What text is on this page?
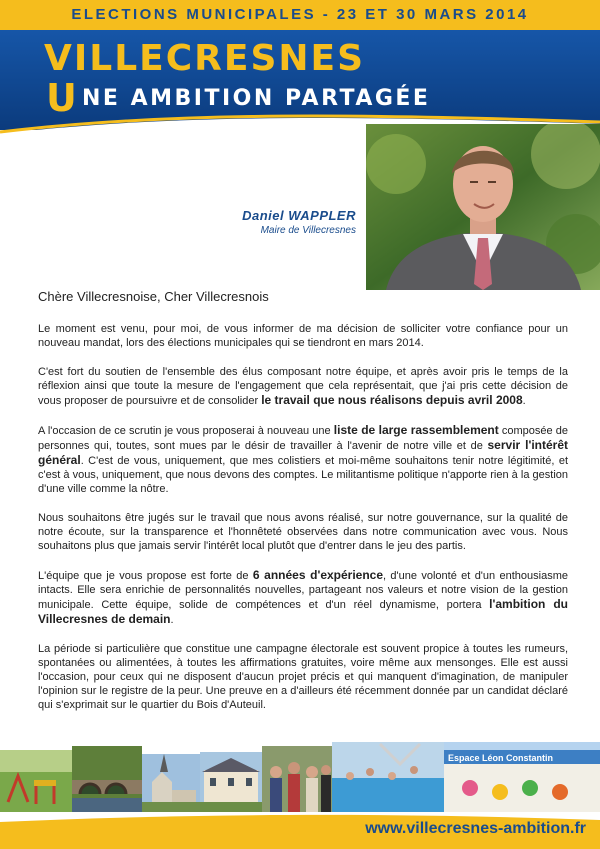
ELECTIONS MUNICIPALES - 23 ET 30 MARS 2014
VILLECRESNES
U NE AMBITION PARTAGÉE
Daniel WAPPLER
Maire de Villecresnes

Chère Villecresnoise, Cher Villecresnois

Le moment est venu, pour moi, de vous informer de ma décision de solliciter votre confiance pour un nouveau mandat, lors des élections municipales qui se tiendront en mars 2014.

C'est fort du soutien de l'ensemble des élus composant notre équipe, et après avoir pris le temps de la réflexion ainsi que toute la mesure de l'engagement que cela représentait, que j'ai pris cette décision de vous proposer de poursuivre et de consolider le travail que nous réalisons depuis avril 2008.

A l'occasion de ce scrutin je vous proposerai à nouveau une liste de large rassemblement composée de personnes qui, toutes, sont mues par le désir de travailler à l'avenir de notre ville et de servir l'intérêt général. C'est de vous, uniquement, que mes colistiers et moi-même souhaitons tenir notre légitimité, et c'est à vous, uniquement, que nous devons des comptes. Le militantisme politique n'apporte rien à la gestion d'une ville comme la nôtre.

Nous souhaitons être jugés sur le travail que nous avons réalisé, sur notre gouvernance, sur la qualité de notre écoute, sur la transparence et l'honnêteté observées dans notre communication avec vous. Nous souhaitons plus que jamais servir l'intérêt local plutôt que d'entrer dans le jeu des partis.

L'équipe que je vous propose est forte de 6 années d'expérience, d'une volonté et d'un enthousiasme intacts. Elle sera enrichie de personnalités nouvelles, partageant nos valeurs et notre vision de la gestion municipale. Cette équipe, solide de compétences et d'un réel dynamisme, portera l'ambition du Villecresnes de demain.

La période si particulière que constitue une campagne électorale est souvent propice à toutes les rumeurs, spontanées ou alimentées, à toutes les affirmations gratuites, voire même aux mensonges. Elle est aussi l'occasion, pour ceux qui ne disposent d'aucun projet précis et qui manquent d'imagination, de manipuler l'opinion sur le registre de la peur. Une preuve en a d'ailleurs été récemment donnée par un candidat déclaré qui s'exprimait sur le quartier du Bois d'Auteuil.

Espace Léon Constantin
www.villecresnes-ambition.fr
